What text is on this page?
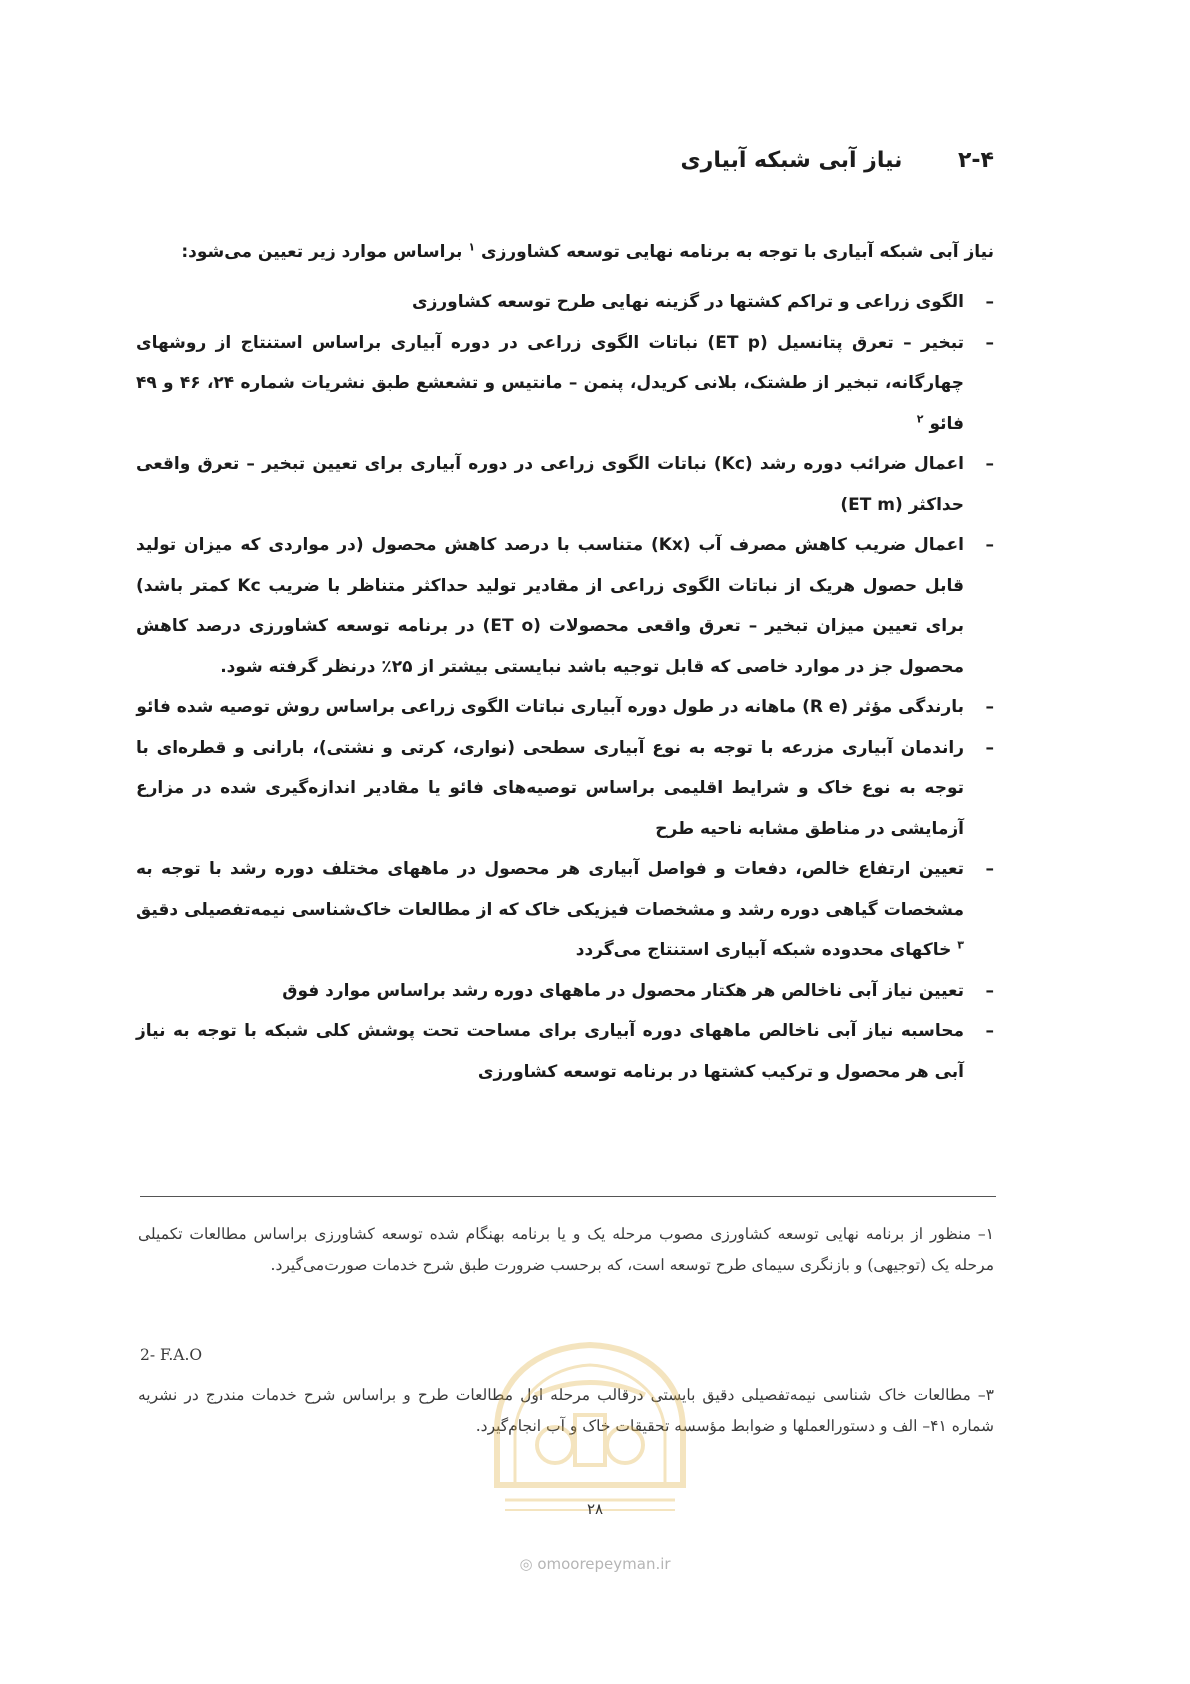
۲-۴ نیاز آبی شبکه آبیاری
نیاز آبی شبکه آبیاری با توجه به برنامه نهایی توسعه کشاورزی $^۱$ براساس موارد زیر تعیین می‌شود:
–
الگوی زراعی و تراکم کشتها در گزینه نهایی طرح توسعه کشاورزی
–
تبخیر – تعرق پتانسیل (ET p) نباتات الگوی زراعی در دوره آبیاری براساس استنتاج از روشهای چهارگانه، تبخیر از طشتک، بلانی کریدل، پنمن – مانتیس و تشعشع طبق نشریات شماره ۲۴، ۴۶ و ۴۹ فائو $^۲$
–
اعمال ضرائب دوره رشد (Kc) نباتات الگوی زراعی در دوره آبیاری برای تعیین تبخیر – تعرق واقعی حداکثر (ET m)
–
اعمال ضریب کاهش مصرف آب (Kx) متناسب با درصد کاهش محصول (در مواردی که میزان تولید قابل حصول هریک از نباتات الگوی زراعی از مقادیر تولید حداکثر متناظر با ضریب Kc کمتر باشد) برای تعیین میزان تبخیر – تعرق واقعی محصولات (ET o) در برنامه توسعه کشاورزی درصد کاهش محصول جز در موارد خاصی که قابل توجیه باشد نبایستی بیشتر از ۲۵٪ درنظر گرفته شود.
–
بارندگی مؤثر (R e) ماهانه در طول دوره آبیاری نباتات الگوی زراعی براساس روش توصیه شده فائو
–
راندمان آبیاری مزرعه با توجه به نوع آبیاری سطحی (نواری، کرتی و نشتی)، بارانی و قطره‌ای با توجه به نوع خاک و شرایط اقلیمی براساس توصیه‌های فائو یا مقادیر اندازه‌گیری شده در مزارع آزمایشی در مناطق مشابه ناحیه طرح
–
تعیین ارتفاع خالص، دفعات و فواصل آبیاری هر محصول در ماههای مختلف دوره رشد با توجه به مشخصات گیاهی دوره رشد و مشخصات فیزیکی خاک که از مطالعات خاک‌شناسی نیمه‌تفصیلی دقیق $^۳$ خاکهای محدوده شبکه آبیاری استنتاج می‌گردد
–
تعیین نیاز آبی ناخالص هر هکتار محصول در ماههای دوره رشد براساس موارد فوق
–
محاسبه نیاز آبی ناخالص ماههای دوره آبیاری برای مساحت تحت پوشش کلی شبکه با توجه به نیاز آبی هر محصول و ترکیب کشتها در برنامه توسعه کشاورزی
۱– منظور از برنامه نهایی توسعه کشاورزی مصوب مرحله یک و یا برنامه بهنگام شده توسعه کشاورزی براساس مطالعات تکمیلی مرحله یک (توجیهی) و بازنگری سیمای طرح توسعه است، که برحسب ضرورت طبق شرح خدمات صورت‌می‌گیرد.
2- F.A.O
۳– مطالعات خاک شناسی نیمه‌تفصیلی دقیق بایستی درقالب مرحله اول مطالعات طرح و براساس شرح خدمات مندرج در نشریه شماره ۴۱– الف و دستورالعملها و ضوابط مؤسسه تحقیقات خاک و آب انجام‌گیرد.
۲۸
◎ omoorepeyman.ir
